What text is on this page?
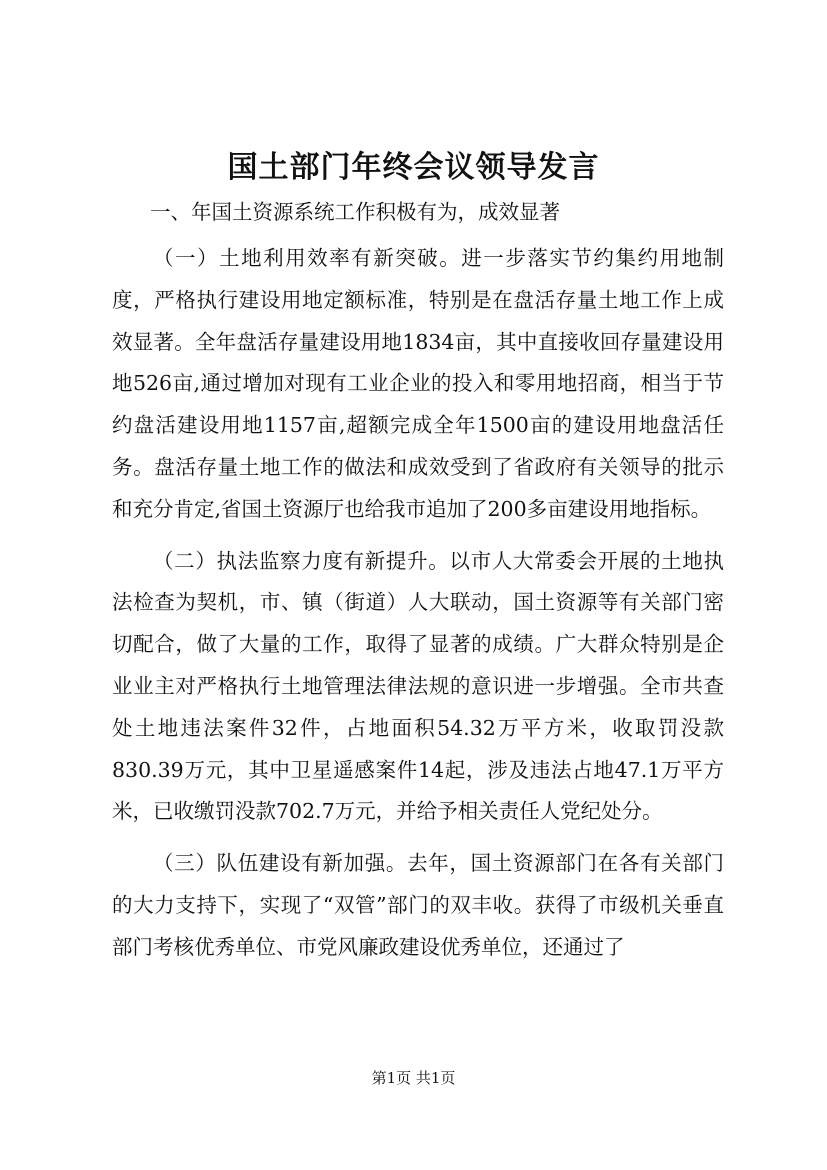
国土部门年终会议领导发言

一、年国土资源系统工作积极有为，成效显著

（一）土地利用效率有新突破。进一步落实节约集约用地制度，严格执行建设用地定额标准，特别是在盘活存量土地工作上成效显著。全年盘活存量建设用地1834亩，其中直接收回存量建设用地526亩,通过增加对现有工业企业的投入和零用地招商，相当于节约盘活建设用地1157亩,超额完成全年1500亩的建设用地盘活任务。盘活存量土地工作的做法和成效受到了省政府有关领导的批示和充分肯定,省国土资源厅也给我市追加了200多亩建设用地指标。

（二）执法监察力度有新提升。以市人大常委会开展的土地执法检查为契机，市、镇（街道）人大联动，国土资源等有关部门密切配合，做了大量的工作，取得了显著的成绩。广大群众特别是企业业主对严格执行土地管理法律法规的意识进一步增强。全市共查处土地违法案件32件，占地面积54.32万平方米，收取罚没款830.39万元，其中卫星遥感案件14起，涉及违法占地47.1万平方米，已收缴罚没款702.7万元，并给予相关责任人党纪处分。

（三）队伍建设有新加强。去年，国土资源部门在各有关部门的大力支持下，实现了“双管”部门的双丰收。获得了市级机关垂直部门考核优秀单位、市党风廉政建设优秀单位，还通过了

第1页 共1页
